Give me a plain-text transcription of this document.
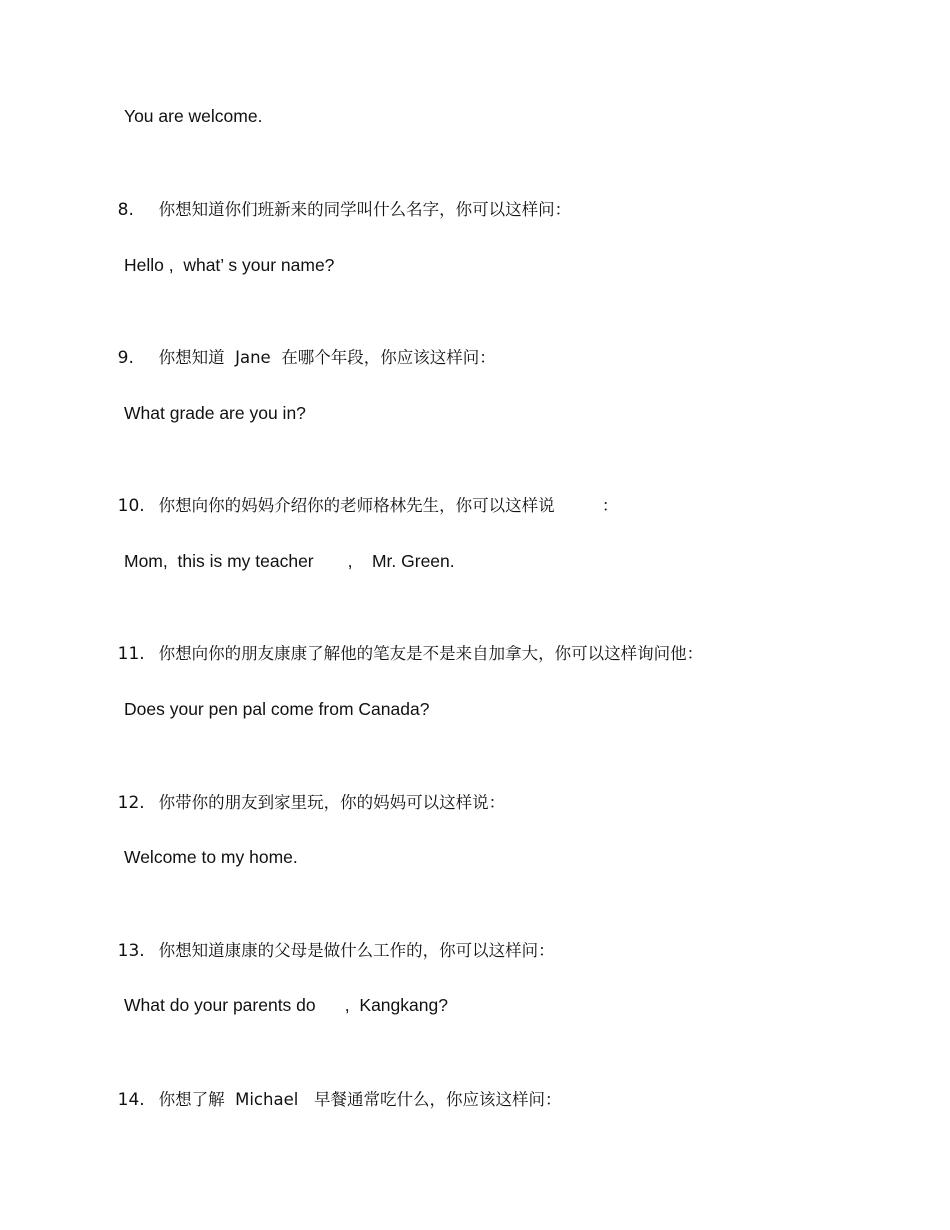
You are welcome.

8. 你想知道你们班新来的同学叫什么名字，你可以这样问：

Hello ,  what’ s your name?

9. 你想知道  Jane  在哪个年段，你应该这样问：

What grade are you in?

10. 你想向你的妈妈介绍你的老师格林先生，你可以这样说         ：

Mom,  this is my teacher       ,    Mr. Green.

11. 你想向你的朋友康康了解他的笔友是不是来自加拿大，你可以这样询问他：

Does your pen pal come from Canada?

12. 你带你的朋友到家里玩，你的妈妈可以这样说：

Welcome to my home.

13. 你想知道康康的父母是做什么工作的，你可以这样问：

What do your parents do      ,  Kangkang?

14. 你想了解  Michael   早餐通常吃什么，你应该这样问：
